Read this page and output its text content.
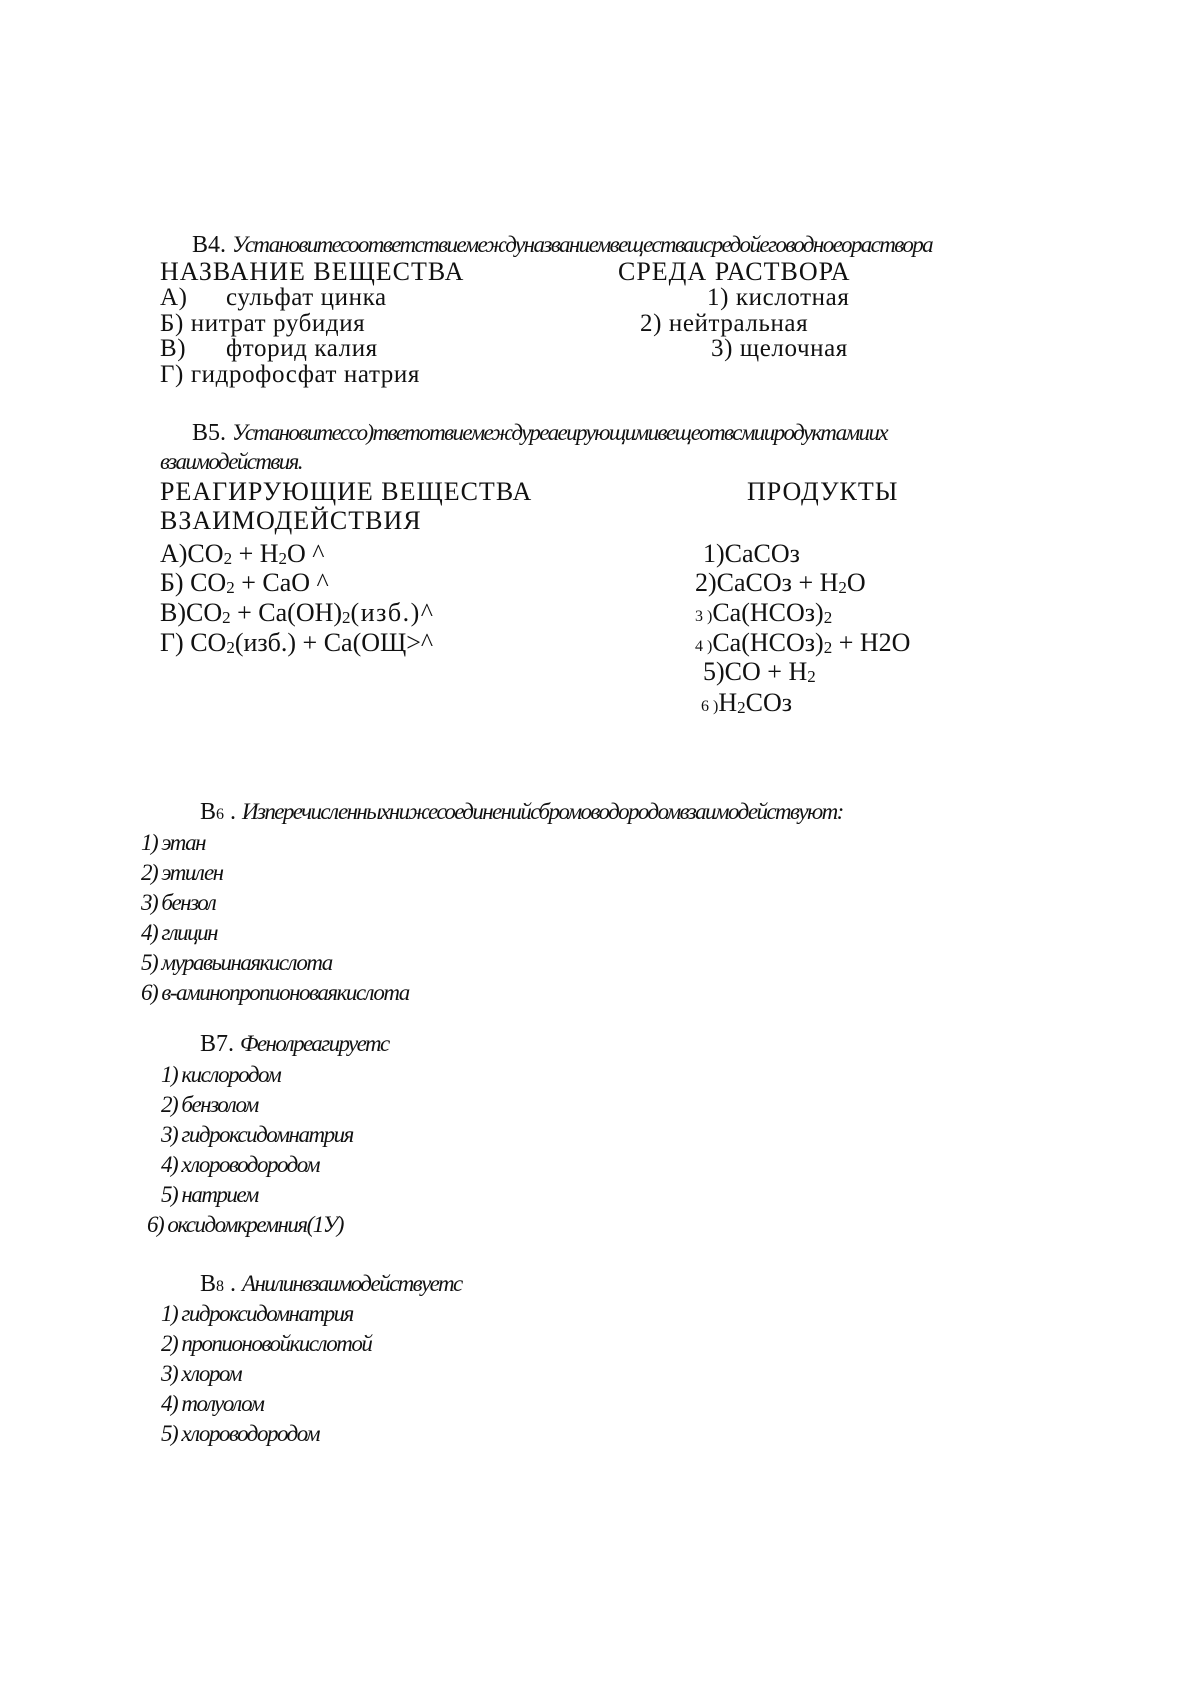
В4. Установитесоответствиемеждуназваниемвеществаисредойеговодноеораствора
НАЗВАНИЕ ВЕЩЕСТВА	СРЕДА РАСТВОРА
А) сульфат цинка
Б) нитрат рубидия
В) фторид калия
Г) гидрофосфат натрия
1) кислотная
2) нейтральная
3) щелочная
В5. Установитессо)тветотвиемеждуреаеирующимивещеотвсмииродуктамиих
взаимодействия.
РЕАГИРУЮЩИЕ ВЕЩЕСТВА	ПРОДУКТЫ
ВЗАИМОДЕЙСТВИЯ
$А)СО_2 + Н_2О$ ^
Б) $СО_2$ + СаО ^
$В)СО_2$ + $Са(ОН)_2(изб.)\^{}$
Г) $СО_2(изб.)$ + Са(ОЩ>^
1)СаСОз
2)СаСОз + $Н_2О$
3 )$Са(НСОз)_2$
4 )$Са(НСОз)_2 + Н2О$
$5)СО + Н_2$
6 )$Н_2СОз$
В6 . Изперечисленныхнижесоединенийсбромоводородомвзаимодействуют:
1) этан
2) этилен
3) бензол
4) глицин
5) муравьинаякислота
6) в-аминопропионоваякислота
В7. Фенолреагируетс
1) кислородом
2) бензолом
3) гидроксидомнатрия
4) хлороводородом
5) натрием
6) оксидомкремния(1У)
В8 . Анилинвзаимодействуетс
1) гидроксидомнатрия
2) пропионовойкислотой
3) хлором
4) толуолом
5) хлороводородом
